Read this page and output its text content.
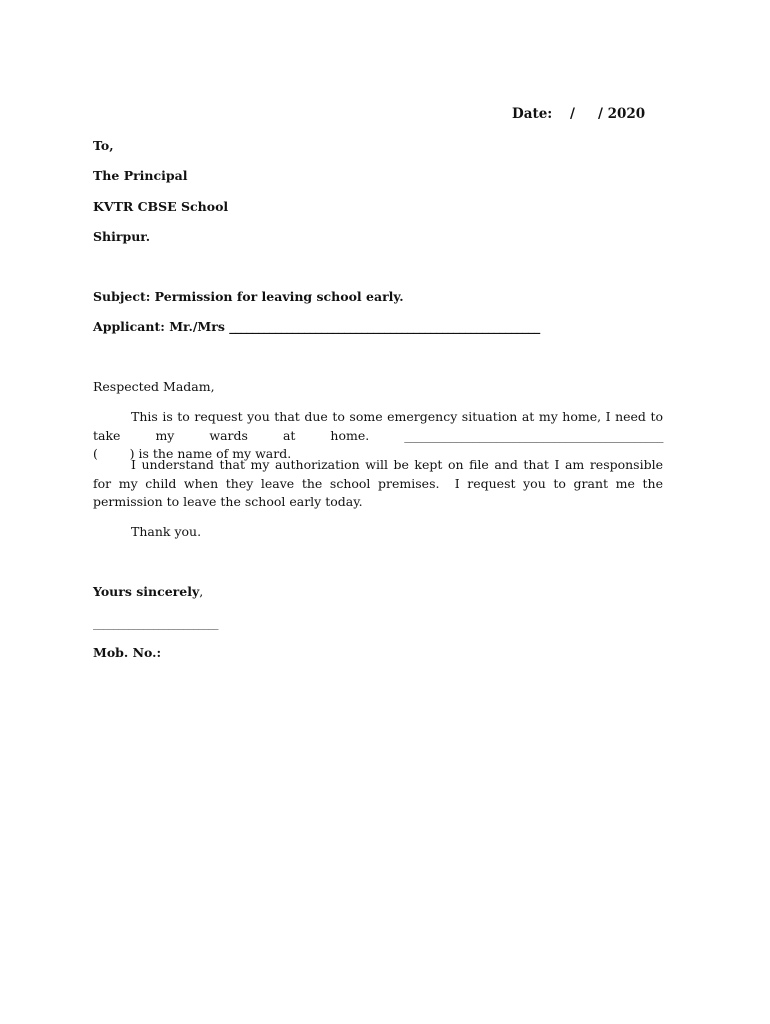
Date: / / 2020
To,
The Principal
KVTR CBSE School
Shirpur.
Subject: Permission for leaving school early.
Applicant: Mr./Mrs ______________________________________________________
Respected Madam,
This is to request you that due to some emergency situation at my home, I need to take my wards at home.	_____________________________________________ (        ) is the name of my ward.
I understand that my authorization will be kept on file and that I am responsible for my child when they leave the school premises.  I request you to grant me the permission to leave the school early today.
Thank you.
Yours sincerely,
_________________________
Mob. No.:
